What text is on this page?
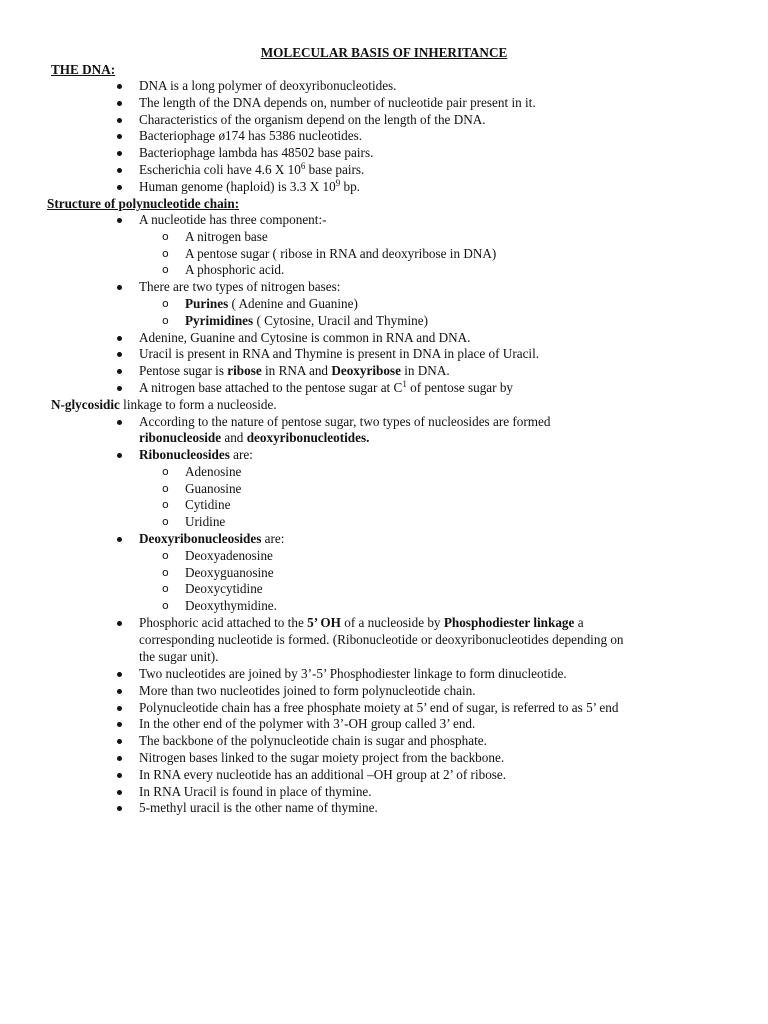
MOLECULAR BASIS OF INHERITANCE
THE DNA:
DNA is a long polymer of deoxyribonucleotides.
The length of the DNA depends on, number of nucleotide pair present in it.
Characteristics of the organism depend on the length of the DNA.
Bacteriophage ø174 has 5386 nucleotides.
Bacteriophage lambda has 48502 base pairs.
Escherichia coli have 4.6 X $10^6$ base pairs.
Human genome (haploid) is 3.3 X $10^9$ bp.
Structure of polynucleotide chain:
A nucleotide has three component:-
o A nitrogen base
o A pentose sugar ( ribose in RNA and deoxyribose in DNA)
o A phosphoric acid.
There are two types of nitrogen bases:
o Purines ( Adenine and Guanine)
o Pyrimidines ( Cytosine, Uracil and Thymine)
Adenine, Guanine and Cytosine is common in RNA and DNA.
Uracil is present in RNA and Thymine is present in DNA in place of Uracil.
Pentose sugar is ribose in RNA and Deoxyribose in DNA.
A nitrogen base attached to the pentose sugar at $C^1$ of pentose sugar by
N-glycosidic linkage to form a nucleoside.
According to the nature of pentose sugar, two types of nucleosides are formed
ribonucleoside and deoxyribonucleotides.
Ribonucleosides are:
o Adenosine
o Guanosine
o Cytidine
o Uridine
Deoxyribonucleosides are:
o Deoxyadenosine
o Deoxyguanosine
o Deoxycytidine
o Deoxythymidine.
Phosphoric acid attached to the 5’ OH of a nucleoside by Phosphodiester linkage a
corresponding nucleotide is formed. (Ribonucleotide or deoxyribonucleotides depending on
the sugar unit).
Two nucleotides are joined by 3’-5’ Phosphodiester linkage to form dinucleotide.
More than two nucleotides joined to form polynucleotide chain.
Polynucleotide chain has a free phosphate moiety at 5’ end of sugar, is referred to as 5’ end
In the other end of the polymer with 3’-OH group called 3’ end.
The backbone of the polynucleotide chain is sugar and phosphate.
Nitrogen bases linked to the sugar moiety project from the backbone.
In RNA every nucleotide has an additional –OH group at 2’ of ribose.
In RNA Uracil is found in place of thymine.
5-methyl uracil is the other name of thymine.
